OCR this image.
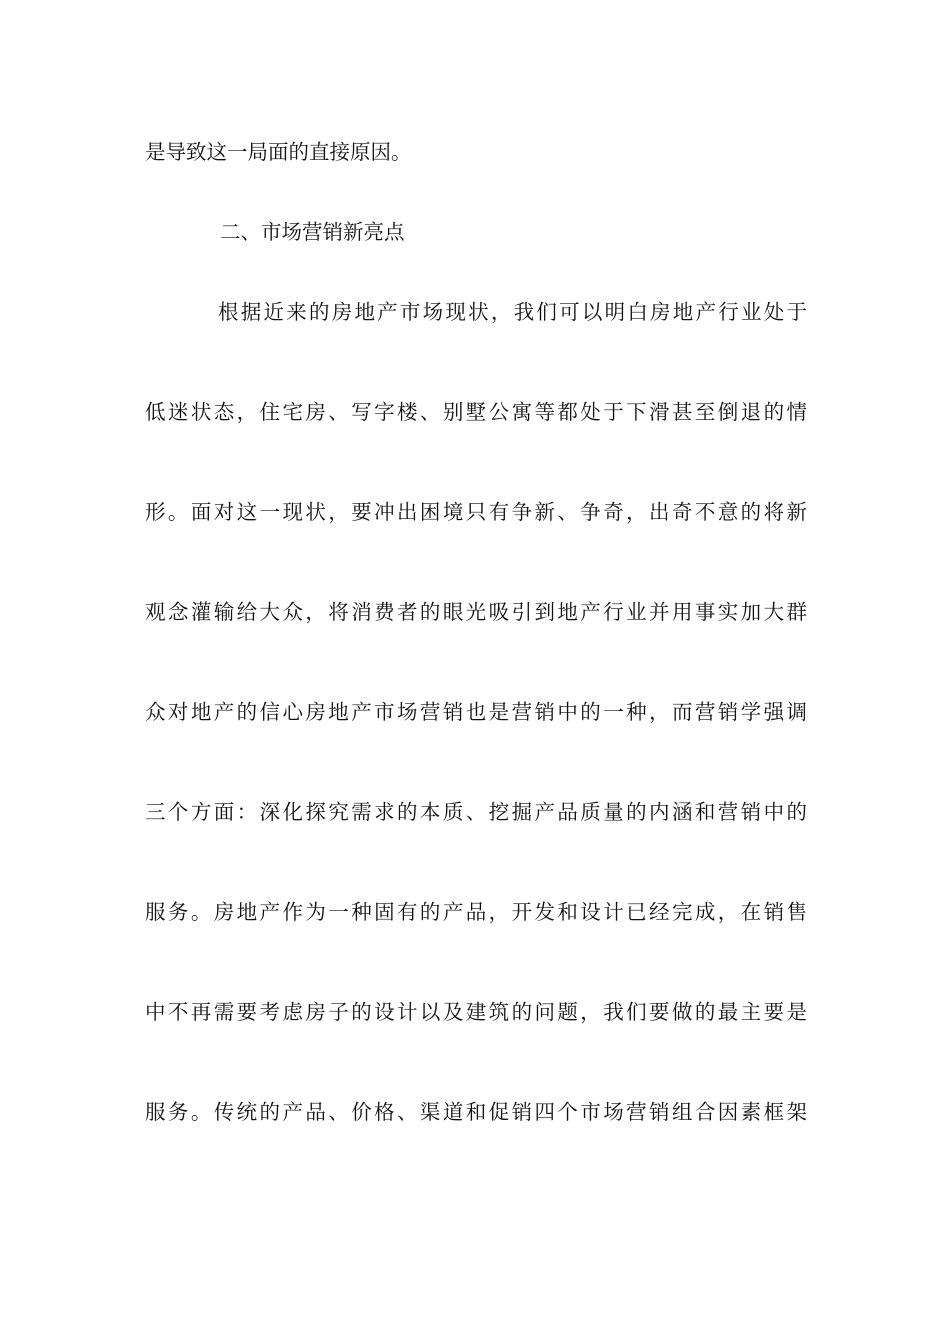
是导致这一局面的直接原因。
二、市场营销新亮点
根据近来的房地产市场现状，我们可以明白房地产行业处于
低迷状态，住宅房、写字楼、别墅公寓等都处于下滑甚至倒退的情
形。面对这一现状，要冲出困境只有争新、争奇，出奇不意的将新
观念灌输给大众，将消费者的眼光吸引到地产行业并用事实加大群
众对地产的信心房地产市场营销也是营销中的一种，而营销学强调
三个方面：深化探究需求的本质、挖掘产品质量的内涵和营销中的
服务。房地产作为一种固有的产品，开发和设计已经完成，在销售
中不再需要考虑房子的设计以及建筑的问题，我们要做的最主要是
服务。传统的产品、价格、渠道和促销四个市场营销组合因素框架
